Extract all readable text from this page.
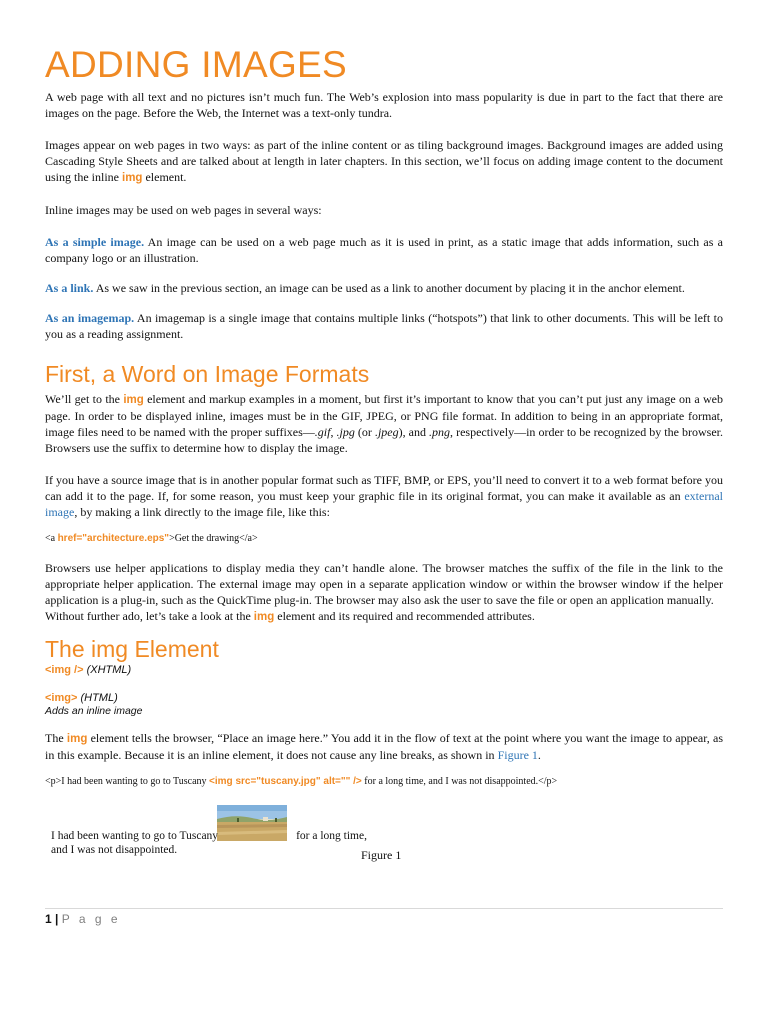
ADDING IMAGES

A web page with all text and no pictures isn’t much fun. The Web’s explosion into mass popularity is due in part to the fact that there are images on the page. Before the Web, the Internet was a text-only tundra.

Images appear on web pages in two ways: as part of the inline content or as tiling background images. Background images are added using Cascading Style Sheets and are talked about at length in later chapters. In this section, we’ll focus on adding image content to the document using the inline img element.

Inline images may be used on web pages in several ways:

As a simple image. An image can be used on a web page much as it is used in print, as a static image that adds information, such as a company logo or an illustration.

As a link. As we saw in the previous section, an image can be used as a link to another document by placing it in the anchor element.

As an imagemap. An imagemap is a single image that contains multiple links (“hotspots”) that link to other documents. This will be left to you as a reading assignment.

First, a Word on Image Formats

We’ll get to the img element and markup examples in a moment, but first it’s important to know that you can’t put just any image on a web page. In order to be displayed inline, images must be in the GIF, JPEG, or PNG file format. In addition to being in an appropriate format, image files need to be named with the proper suffixes—.gif, .jpg (or .jpeg), and .png, respectively—in order to be recognized by the browser. Browsers use the suffix to determine how to display the image.

If you have a source image that is in another popular format such as TIFF, BMP, or EPS, you’ll need to convert it to a web format before you can add it to the page. If, for some reason, you must keep your graphic file in its original format, you can make it available as an external image, by making a link directly to the image file, like this:

<a href="architecture.eps">Get the drawing</a>

Browsers use helper applications to display media they can’t handle alone. The browser matches the suffix of the file in the link to the appropriate helper application. The external image may open in a separate application window or within the browser window if the helper application is a plug-in, such as the QuickTime plug-in. The browser may also ask the user to save the file or open an application manually.

Without further ado, let’s take a look at the img element and its required and recommended attributes.

The img Element
<img /> (XHTML)
<img> (HTML)
Adds an inline image

The img element tells the browser, “Place an image here.” You add it in the flow of text at the point where you want the image to appear, as in this example. Because it is an inline element, it does not cause any line breaks, as shown in Figure 1.

<p>I had been wanting to go to Tuscany <img src="tuscany.jpg" alt="" /> for a long time, and I was not disappointed.</p>

I had been wanting to go to Tuscany	for a long time,
and I was not disappointed.	Figure 1
1 | P a g e
